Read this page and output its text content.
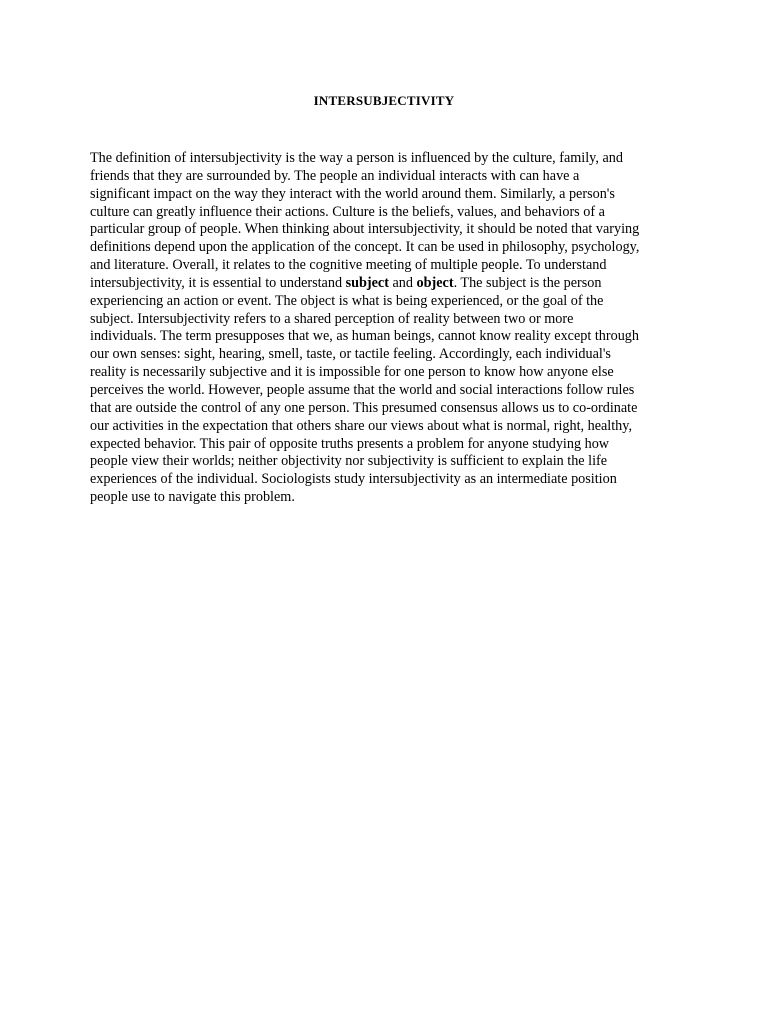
INTERSUBJECTIVITY
The definition of intersubjectivity is the way a person is influenced by the culture, family, and
friends that they are surrounded by. The people an individual interacts with can have a
significant impact on the way they interact with the world around them. Similarly, a person's
culture can greatly influence their actions. Culture is the beliefs, values, and behaviors of a
particular group of people. When thinking about intersubjectivity, it should be noted that varying
definitions depend upon the application of the concept. It can be used in philosophy, psychology,
and literature. Overall, it relates to the cognitive meeting of multiple people. To understand
intersubjectivity, it is essential to understand subject and object. The subject is the person
experiencing an action or event. The object is what is being experienced, or the goal of the
subject. Intersubjectivity refers to a shared perception of reality between two or more
individuals. The term presupposes that we, as human beings, cannot know reality except through
our own senses: sight, hearing, smell, taste, or tactile feeling. Accordingly, each individual's
reality is necessarily subjective and it is impossible for one person to know how anyone else
perceives the world. However, people assume that the world and social interactions follow rules
that are outside the control of any one person. This presumed consensus allows us to co-ordinate
our activities in the expectation that others share our views about what is normal, right, healthy,
expected behavior. This pair of opposite truths presents a problem for anyone studying how
people view their worlds; neither objectivity nor subjectivity is sufficient to explain the life
experiences of the individual. Sociologists study intersubjectivity as an intermediate position
people use to navigate this problem.
